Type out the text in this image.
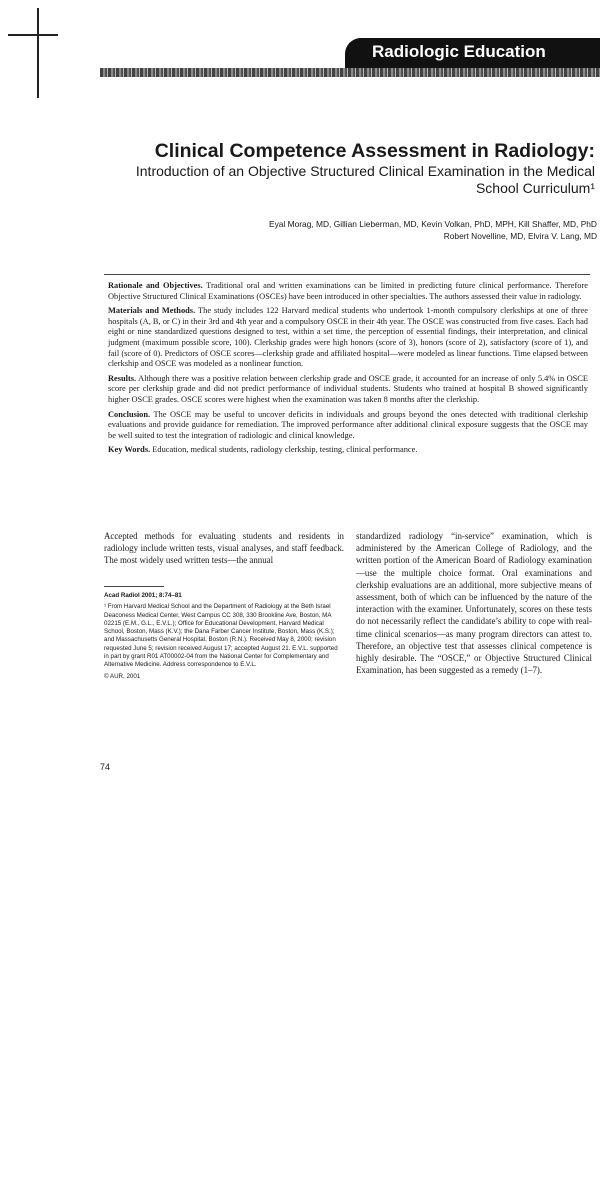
Radiologic Education
Clinical Competence Assessment in Radiology:
Introduction of an Objective Structured Clinical Examination in the Medical School Curriculum¹
Eyal Morag, MD, Gillian Lieberman, MD, Kevin Volkan, PhD, MPH, Kill Shaffer, MD, PhD
Robert Novelline, MD, Elvira V. Lang, MD

Rationale and Objectives. Traditional oral and written examinations can be limited in predicting future clinical performance. Therefore Objective Structured Clinical Examinations (OSCEs) have been introduced in other specialties. The authors assessed their value in radiology.

Materials and Methods. The study includes 122 Harvard medical students who undertook 1-month compulsory clerkships at one of three hospitals (A, B, or C) in their 3rd and 4th year and a compulsory OSCE in their 4th year. The OSCE was constructed from five cases. Each had eight or nine standardized questions designed to test, within a set time, the perception of essential findings, their interpretation, and clinical judgment (maximum possible score, 100). Clerkship grades were high honors (score of 3), honors (score of 2), satisfactory (score of 1), and fail (score of 0). Predictors of OSCE scores—clerkship grade and affiliated hospital—were modeled as linear functions. Time elapsed between clerkship and OSCE was modeled as a nonlinear function.

Results. Although there was a positive relation between clerkship grade and OSCE grade, it accounted for an increase of only 5.4% in OSCE score per clerkship grade and did not predict performance of individual students. Students who trained at hospital B showed significantly higher OSCE grades. OSCE scores were highest when the examination was taken 8 months after the clerkship.

Conclusion. The OSCE may be useful to uncover deficits in individuals and groups beyond the ones detected with traditional clerkship evaluations and provide guidance for remediation. The improved performance after additional clinical exposure suggests that the OSCE may be well suited to test the integration of radiologic and clinical knowledge.

Key Words. Education, medical students, radiology clerkship, testing, clinical performance.

Accepted methods for evaluating students and residents in radiology include written tests, visual analyses, and staff feedback. The most widely used written tests—the annual

Acad Radiol 2001; 8:74–81

¹ From Harvard Medical School and the Department of Radiology at the Beth Israel Deaconess Medical Center, West Campus CC 308, 330 Brookline Ave, Boston, MA 02215 (E.M., G.L., E.V.L.); Office for Educational Development, Harvard Medical School, Boston, Mass (K.V.); the Dana Farber Cancer Institute, Boston, Mass (K.S.); and Massachusetts General Hospital, Boston (R.N.). Received May 8, 2000; revision requested June 5; revision received August 17; accepted August 21. E.V.L. supported in part by grant R01 AT00002-04 from the National Center for Complementary and Alternative Medicine. Address correspondence to E.V.L.

© AUR, 2001

standardized radiology “in-service” examination, which is administered by the American College of Radiology, and the written portion of the American Board of Radiology examination—use the multiple choice format. Oral examinations and clerkship evaluations are an additional, more subjective means of assessment, both of which can be influenced by the nature of the interaction with the examiner. Unfortunately, scores on these tests do not necessarily reflect the candidate’s ability to cope with real-time clinical scenarios—as many program directors can attest to. Therefore, an objective test that assesses clinical competence is highly desirable. The “OSCE,” or Objective Structured Clinical Examination, has been suggested as a remedy (1–7).
74
